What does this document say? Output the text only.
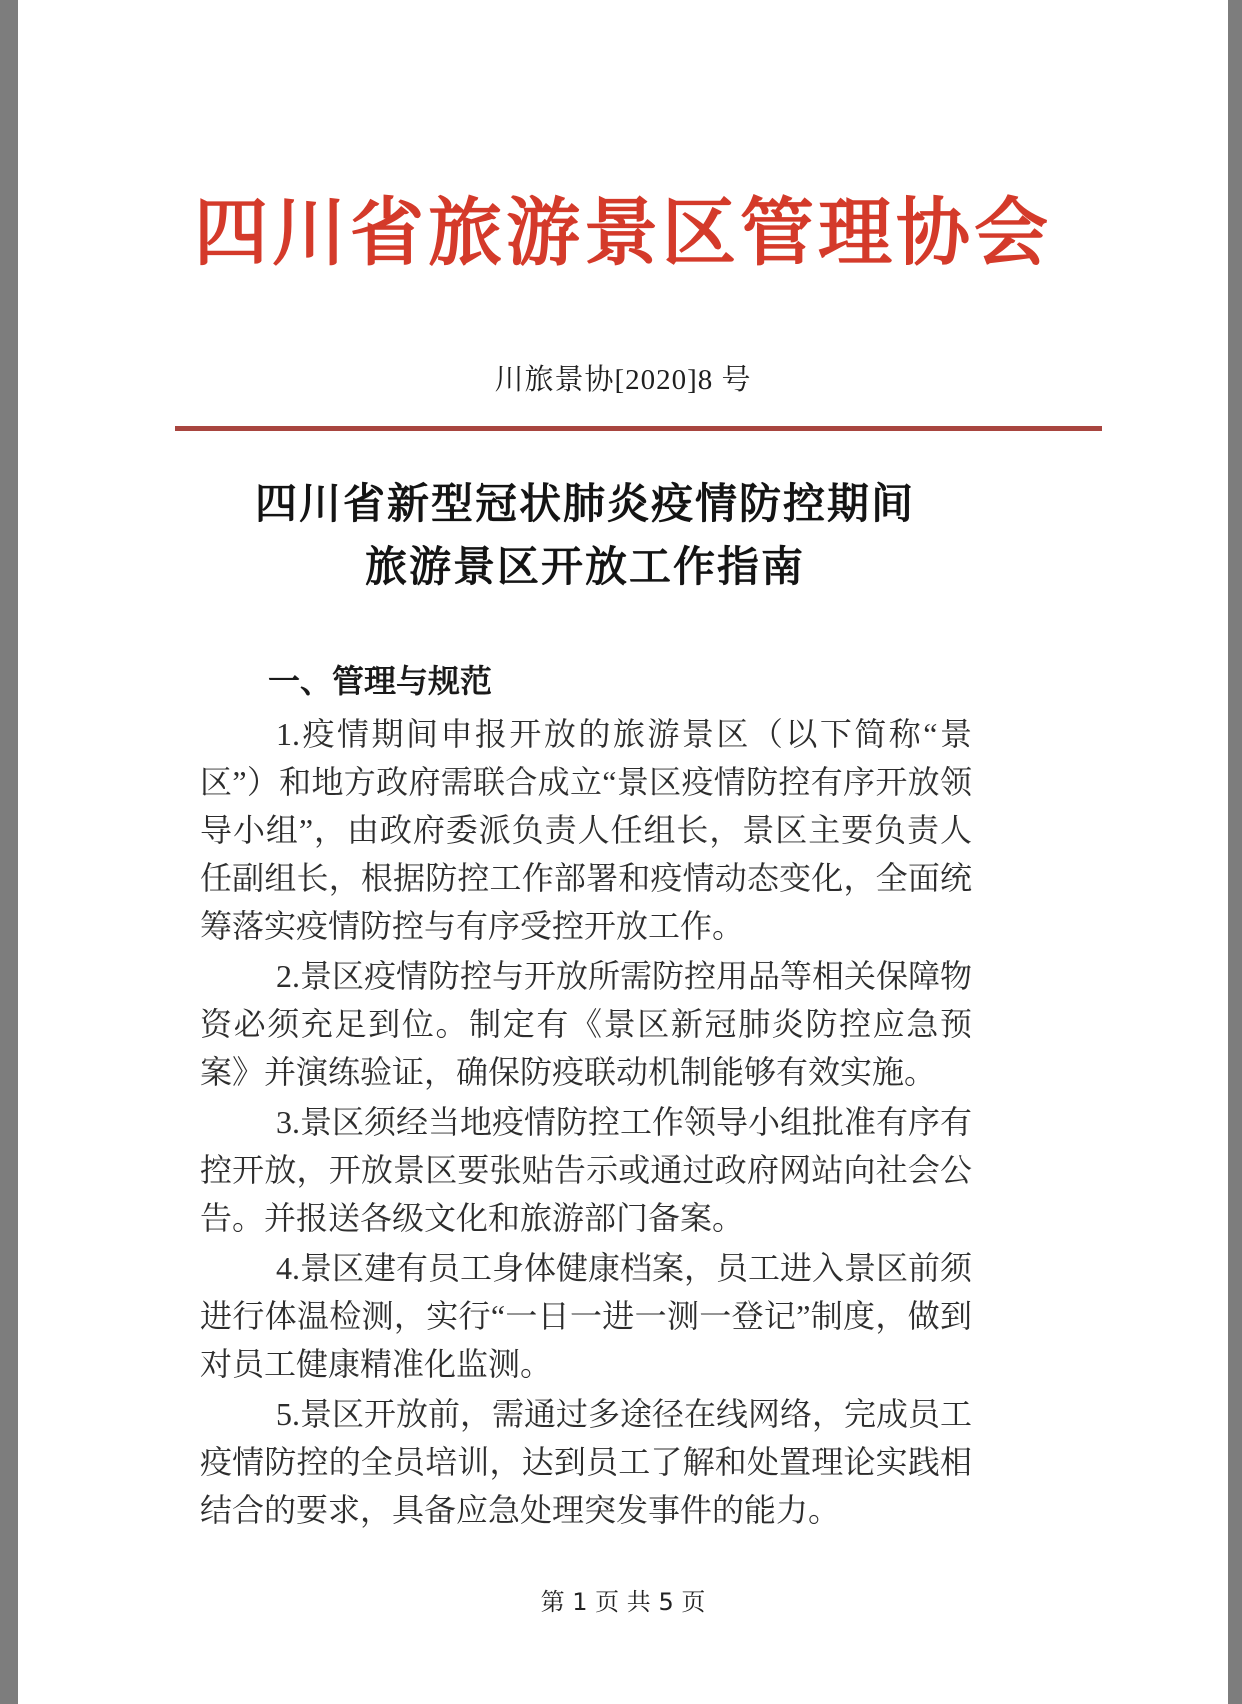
四川省旅游景区管理协会
川旅景协[2020]8 号
四川省新型冠状肺炎疫情防控期间
旅游景区开放工作指南
一、管理与规范

1.疫情期间申报开放的旅游景区（以下简称“景区”）和地方政府需联合成立“景区疫情防控有序开放领导小组”，由政府委派负责人任组长，景区主要负责人任副组长，根据防控工作部署和疫情动态变化，全面统筹落实疫情防控与有序受控开放工作。

2.景区疫情防控与开放所需防控用品等相关保障物资必须充足到位。制定有《景区新冠肺炎防控应急预案》并演练验证，确保防疫联动机制能够有效实施。

3.景区须经当地疫情防控工作领导小组批准有序有控开放，开放景区要张贴告示或通过政府网站向社会公告。并报送各级文化和旅游部门备案。

4.景区建有员工身体健康档案，员工进入景区前须进行体温检测，实行“一日一进一测一登记”制度，做到对员工健康精准化监测。

5.景区开放前，需通过多途径在线网络，完成员工疫情防控的全员培训，达到员工了解和处置理论实践相结合的要求，具备应急处理突发事件的能力。

第 1 页 共 5 页
